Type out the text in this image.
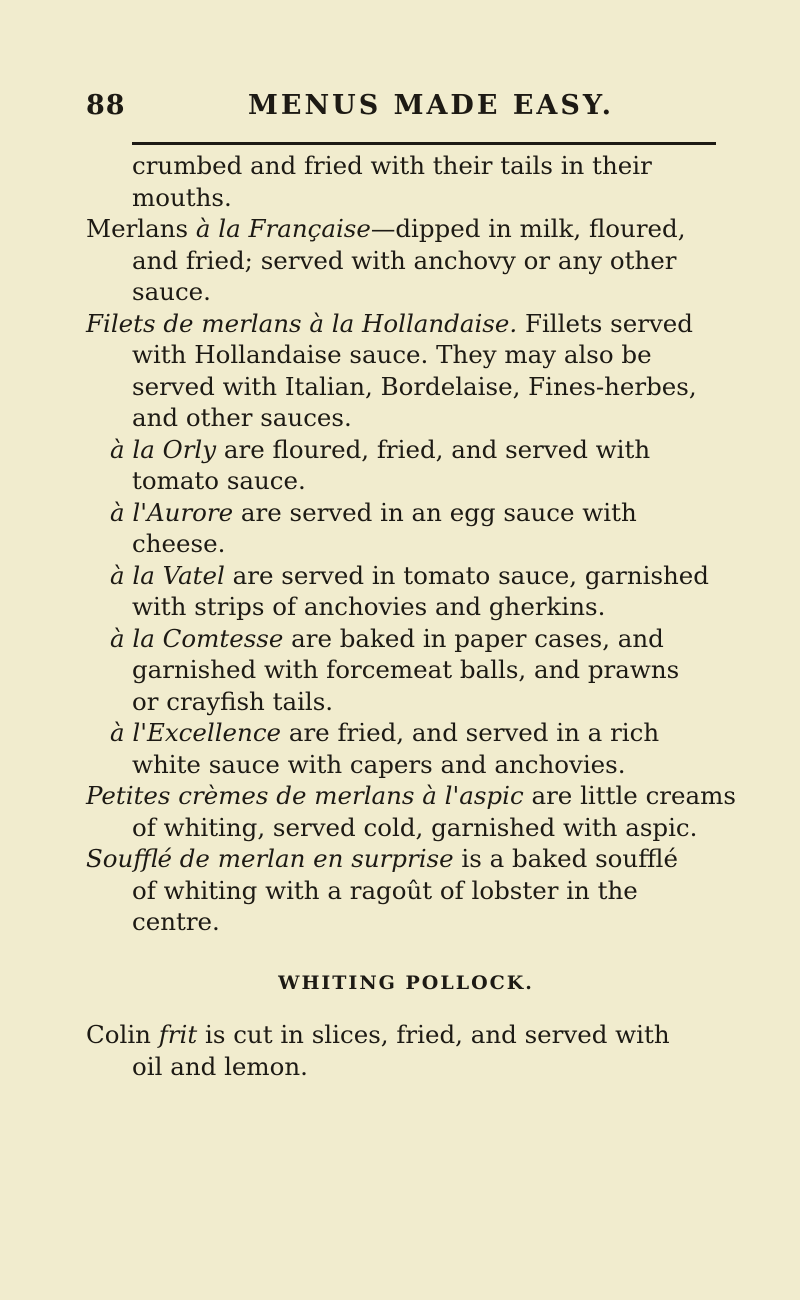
88	MENUS MADE EASY.
crumbed and fried with their tails in their
mouths.
Merlans à la Française—dipped in milk, floured,
and fried; served with anchovy or any other
sauce.
Filets de merlans à la Hollandaise. Fillets served
with Hollandaise sauce. They may also be
served with Italian, Bordelaise, Fines-herbes,
and other sauces.
à la Orly are floured, fried, and served with
tomato sauce.
à l'Aurore are served in an egg sauce with
cheese.
à la Vatel are served in tomato sauce, garnished
with strips of anchovies and gherkins.
à la Comtesse are baked in paper cases, and
garnished with forcemeat balls, and prawns
or crayfish tails.
à l'Excellence are fried, and served in a rich
white sauce with capers and anchovies.
Petites crèmes de merlans à l'aspic are little creams
of whiting, served cold, garnished with aspic.
Soufflé de merlan en surprise is a baked soufflé
of whiting with a ragoût of lobster in the
centre.
WHITING POLLOCK.
Colin frit is cut in slices, fried, and served with
oil and lemon.
